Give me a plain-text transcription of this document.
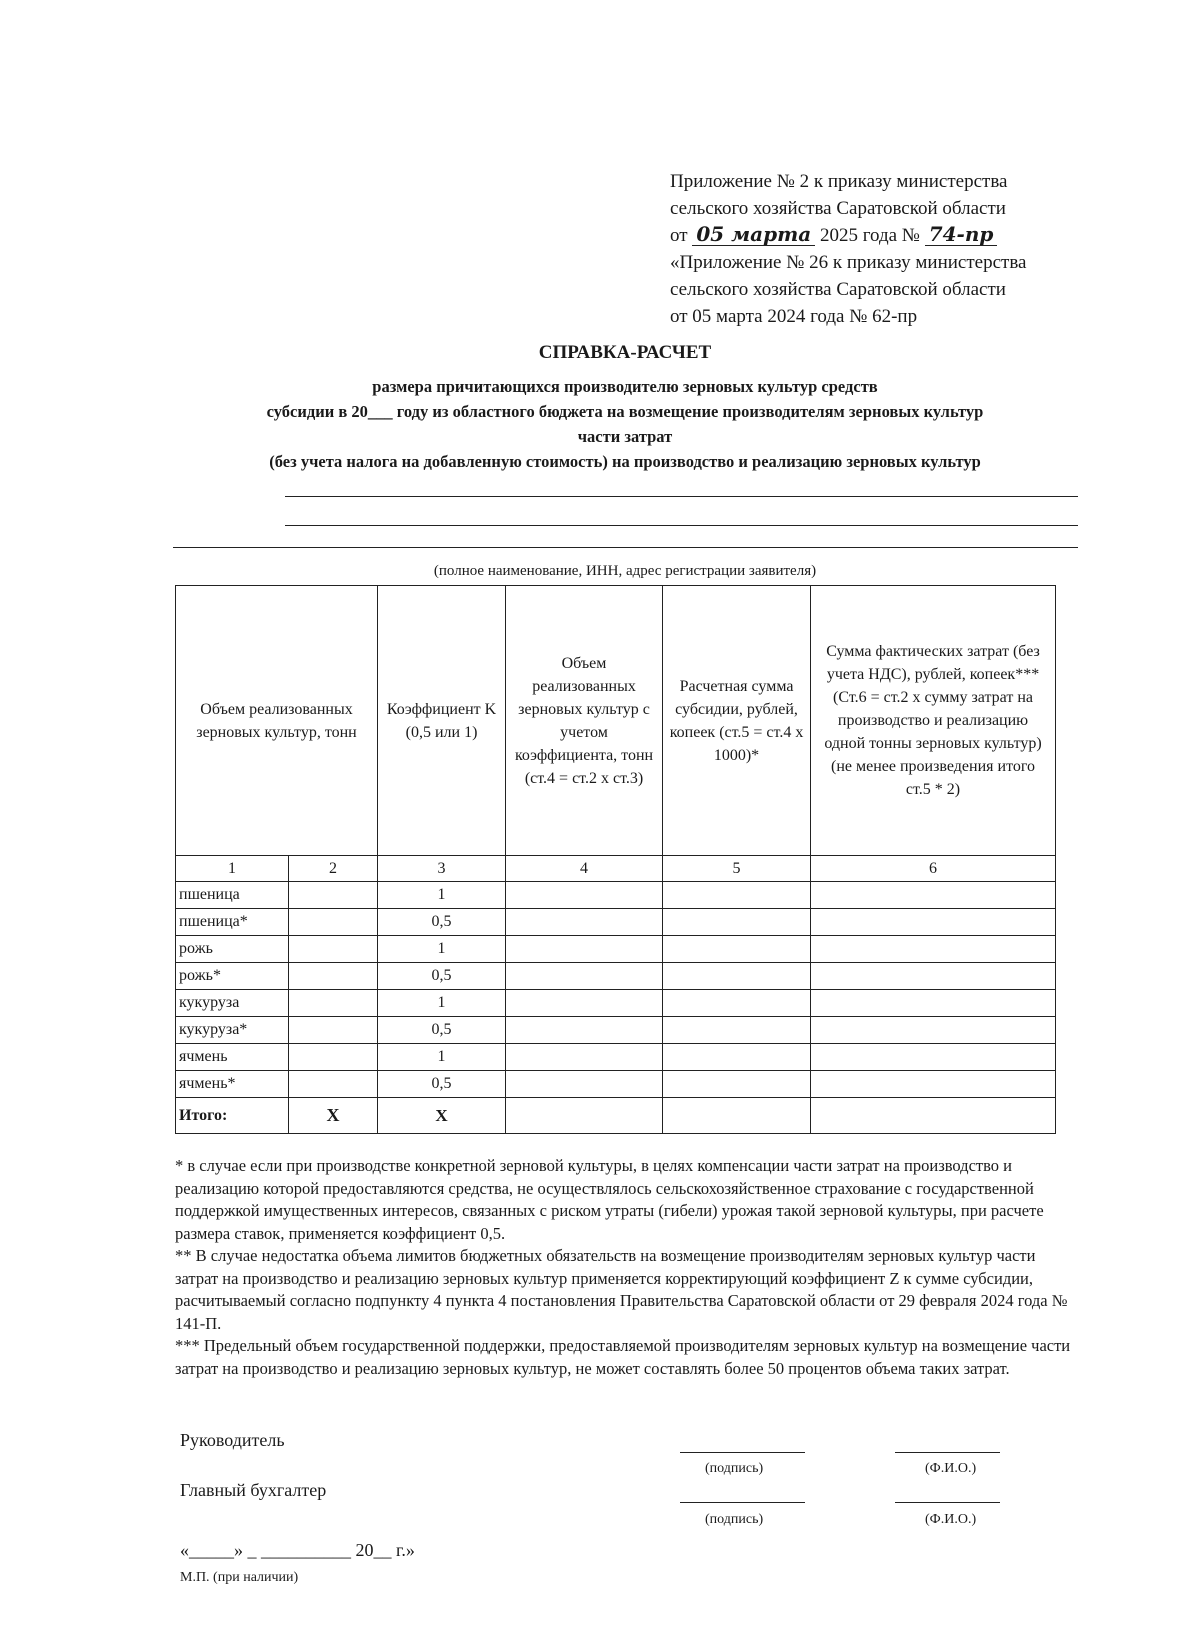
Приложение № 2 к приказу министерства
сельского хозяйства Саратовской области
от 05 марта 2025 года № 74-пр
«Приложение № 26 к приказу министерства
сельского хозяйства Саратовской области
от 05 марта 2024 года № 62-пр
СПРАВКА-РАСЧЕТ
размера причитающихся производителю зерновых культур средств
субсидии в 20___ году из областного бюджета на возмещение производителям зерновых культур
части затрат
(без учета налога на добавленную стоимость) на производство и реализацию зерновых культур
(полное наименование, ИНН, адрес регистрации заявителя)
Объем реализованных зерновых культур, тонн		Коэффициент K (0,5 или 1)	Объем реализованных зерновых культур с учетом коэффициента, тонн (ст.4 = ст.2 x ст.3)	Расчетная сумма субсидии, рублей, копеек (ст.5 = ст.4 x 1000)*	Сумма фактических затрат (без учета НДС), рублей, копеек*** (Ст.6 = ст.2 x сумму затрат на производство и реализацию одной тонны зерновых культур) (не менее произведения итого ст.5 * 2)

1	2	3	4	5	6
пшеница		1			
пшеница*		0,5			
рожь		1			
рожь*		0,5			
кукуруза		1			
кукуруза*		0,5			
ячмень		1			
ячмень*		0,5			
Итого:	X	X			
* в случае если при производстве конкретной зерновой культуры, в целях компенсации части затрат на производство и реализацию которой предоставляются средства, не осуществлялось сельскохозяйственное страхование с государственной поддержкой имущественных интересов, связанных с риском утраты (гибели) урожая такой зерновой культуры, при расчете размера ставок, применяется коэффициент 0,5.
** В случае недостатка объема лимитов бюджетных обязательств на возмещение производителям зерновых культур части затрат на производство и реализацию зерновых культур применяется корректирующий коэффициент Z к сумме субсидии, расчитываемый согласно подпункту 4 пункта 4 постановления Правительства Саратовской области от 29 февраля 2024 года № 141-П.
*** Предельный объем государственной поддержки, предоставляемой производителям зерновых культур на возмещение части затрат на производство и реализацию зерновых культур, не может составлять более 50 процентов объема таких затрат.
Руководитель
(подпись)	(Ф.И.О.)
Главный бухгалтер
(подпись)	(Ф.И.О.)
«_____» _ __________ 20__ г.»
М.П. (при наличии)
